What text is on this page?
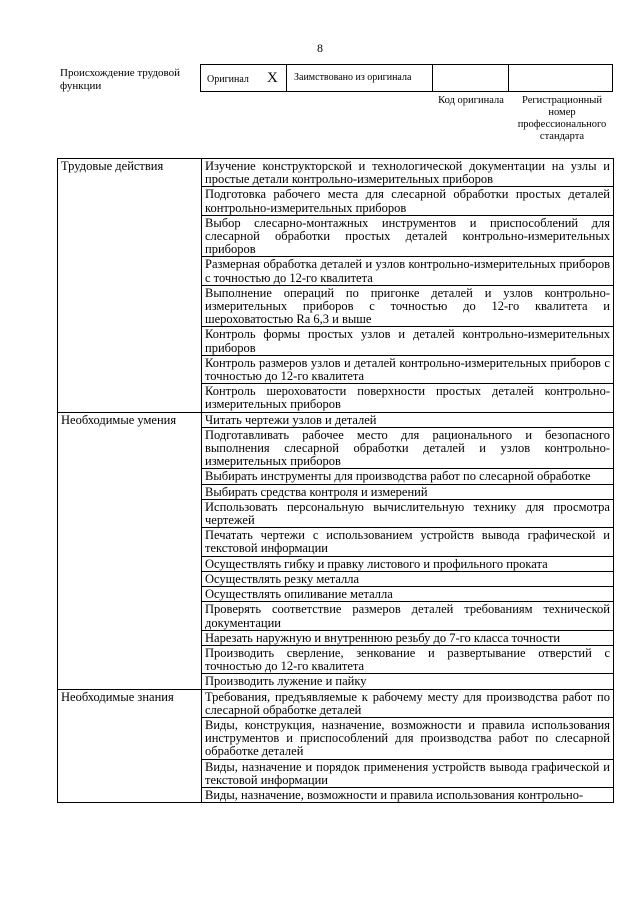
8
Происхождение трудовой функции
Оригинал X Заимствовано из оригинала
Код оригинала	Регистрационный номер профессионального стандарта
Трудовые действия	Изучение конструкторской и технологической документации на узлы и простые детали контрольно-измерительных приборов
	Подготовка рабочего места для слесарной обработки простых деталей контрольно-измерительных приборов
	Выбор слесарно-монтажных инструментов и приспособлений для слесарной обработки простых деталей контрольно-измерительных приборов
	Размерная обработка деталей и узлов контрольно-измерительных приборов с точностью до 12-го квалитета
	Выполнение операций по пригонке деталей и узлов контрольно-измерительных приборов с точностью до 12-го квалитета и шероховатостью Ra 6,3 и выше
	Контроль формы простых узлов и деталей контрольно-измерительных приборов
	Контроль размеров узлов и деталей контрольно-измерительных приборов с точностью до 12-го квалитета
	Контроль шероховатости поверхности простых деталей контрольно-измерительных приборов
Необходимые умения	Читать чертежи узлов и деталей
	Подготавливать рабочее место для рационального и безопасного выполнения слесарной обработки деталей и узлов контрольно-измерительных приборов
	Выбирать инструменты для производства работ по слесарной обработке
	Выбирать средства контроля и измерений
	Использовать персональную вычислительную технику для просмотра чертежей
	Печатать чертежи с использованием устройств вывода графической и текстовой информации
	Осуществлять гибку и правку листового и профильного проката
	Осуществлять резку металла
	Осуществлять опиливание металла
	Проверять соответствие размеров деталей требованиям технической документации
	Нарезать наружную и внутреннюю резьбу до 7-го класса точности
	Производить сверление, зенкование и развертывание отверстий с точностью до 12-го квалитета
	Производить лужение и пайку
Необходимые знания	Требования, предъявляемые к рабочему месту для производства работ по слесарной обработке деталей
	Виды, конструкция, назначение, возможности и правила использования инструментов и приспособлений для производства работ по слесарной обработке деталей
	Виды, назначение и порядок применения устройств вывода графической и текстовой информации
	Виды, назначение, возможности и правила использования контрольно-
